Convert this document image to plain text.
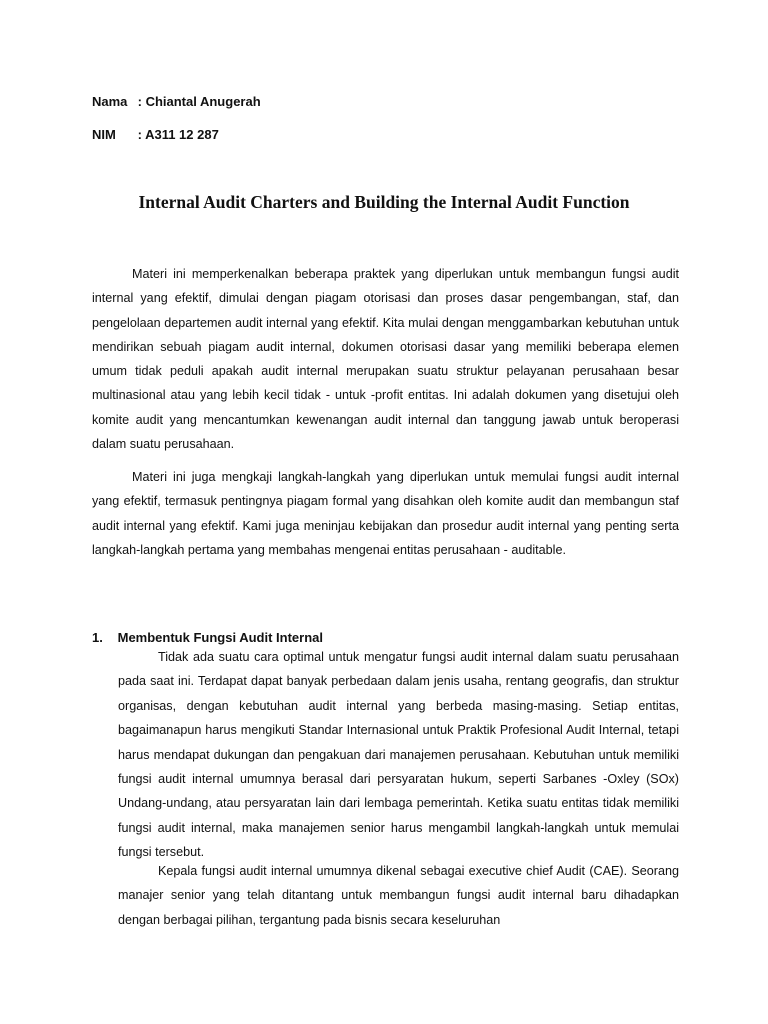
Nama : Chiantal Anugerah
NIM : A311 12 287
Internal Audit Charters and Building the Internal Audit Function

Materi ini memperkenalkan beberapa praktek yang diperlukan untuk membangun fungsi audit internal yang efektif, dimulai dengan piagam otorisasi dan proses dasar pengembangan, staf, dan pengelolaan departemen audit internal yang efektif. Kita mulai dengan menggambarkan kebutuhan untuk mendirikan sebuah piagam audit internal, dokumen otorisasi dasar yang memiliki beberapa elemen umum tidak peduli apakah audit internal merupakan suatu struktur pelayanan perusahaan besar multinasional atau yang lebih kecil tidak - untuk -profit entitas. Ini adalah dokumen yang disetujui oleh komite audit yang mencantumkan kewenangan audit internal dan tanggung jawab untuk beroperasi dalam suatu perusahaan.

Materi ini juga mengkaji langkah-langkah yang diperlukan untuk memulai fungsi audit internal yang efektif, termasuk pentingnya piagam formal yang disahkan oleh komite audit dan membangun staf audit internal yang efektif. Kami juga meninjau kebijakan dan prosedur audit internal yang penting serta langkah-langkah pertama yang membahas mengenai entitas perusahaan - auditable.

1. Membentuk Fungsi Audit Internal

Tidak ada suatu cara optimal untuk mengatur fungsi audit internal dalam suatu perusahaan pada saat ini. Terdapat dapat banyak perbedaan dalam jenis usaha, rentang geografis, dan struktur organisas, dengan kebutuhan audit internal yang berbeda masing-masing. Setiap entitas, bagaimanapun harus mengikuti Standar Internasional untuk Praktik Profesional Audit Internal, tetapi harus mendapat dukungan dan pengakuan dari manajemen perusahaan. Kebutuhan untuk memiliki fungsi audit internal umumnya berasal dari persyaratan hukum, seperti Sarbanes -Oxley (SOx) Undang-undang, atau persyaratan lain dari lembaga pemerintah. Ketika suatu entitas tidak memiliki fungsi audit internal, maka manajemen senior harus mengambil langkah-langkah untuk memulai fungsi tersebut.

Kepala fungsi audit internal umumnya dikenal sebagai executive chief Audit (CAE). Seorang manajer senior yang telah ditantang untuk membangun fungsi audit internal baru dihadapkan dengan berbagai pilihan, tergantung pada bisnis secara keseluruhan
